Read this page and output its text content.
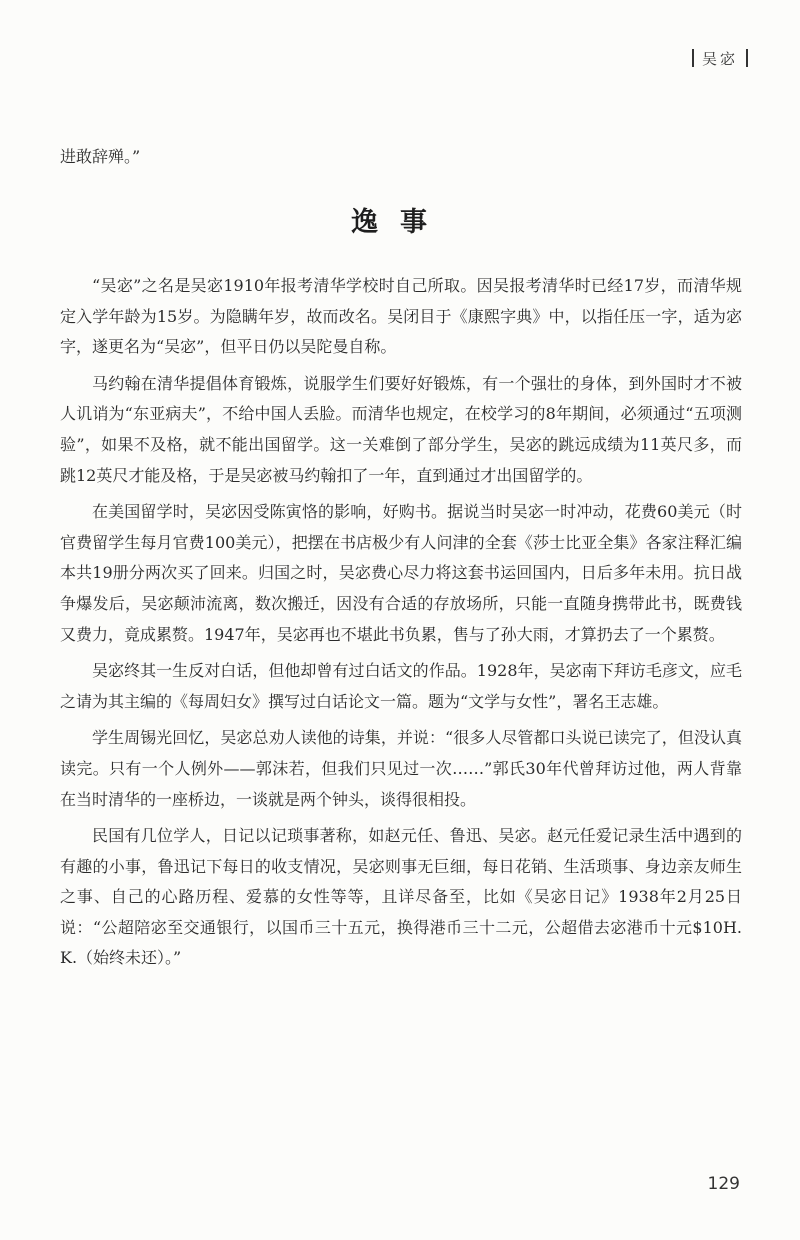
吴宓
进敢辞殚。”
逸事

“吴宓”之名是吴宓1910年报考清华学校时自己所取。因吴报考清华时已经17岁，而清华规定入学年龄为15岁。为隐瞒年岁，故而改名。吴闭目于《康熙字典》中，以指任压一字，适为宓字，遂更名为“吴宓”，但平日仍以吴陀曼自称。

马约翰在清华提倡体育锻炼，说服学生们要好好锻炼，有一个强壮的身体，到外国时才不被人讥诮为“东亚病夫”，不给中国人丢脸。而清华也规定，在校学习的8年期间，必须通过“五项测验”，如果不及格，就不能出国留学。这一关难倒了部分学生，吴宓的跳远成绩为11英尺多，而跳12英尺才能及格，于是吴宓被马约翰扣了一年，直到通过才出国留学的。

在美国留学时，吴宓因受陈寅恪的影响，好购书。据说当时吴宓一时冲动，花费60美元（时官费留学生每月官费100美元），把摆在书店极少有人问津的全套《莎士比亚全集》各家注释汇编本共19册分两次买了回来。归国之时，吴宓费心尽力将这套书运回国内，日后多年未用。抗日战争爆发后，吴宓颠沛流离，数次搬迁，因没有合适的存放场所，只能一直随身携带此书，既费钱又费力，竟成累赘。1947年，吴宓再也不堪此书负累，售与了孙大雨，才算扔去了一个累赘。

吴宓终其一生反对白话，但他却曾有过白话文的作品。1928年，吴宓南下拜访毛彦文，应毛之请为其主编的《每周妇女》撰写过白话论文一篇。题为“文学与女性”，署名王志雄。

学生周锡光回忆，吴宓总劝人读他的诗集，并说：“很多人尽管都口头说已读完了，但没认真读完。只有一个人例外——郭沫若，但我们只见过一次……”郭氏30年代曾拜访过他，两人背靠在当时清华的一座桥边，一谈就是两个钟头，谈得很相投。

民国有几位学人，日记以记琐事著称，如赵元任、鲁迅、吴宓。赵元任爱记录生活中遇到的有趣的小事，鲁迅记下每日的收支情况，吴宓则事无巨细，每日花销、生活琐事、身边亲友师生之事、自己的心路历程、爱慕的女性等等，且详尽备至，比如《吴宓日记》1938年2月25日说：“公超陪宓至交通银行，以国币三十五元，换得港币三十二元，公超借去宓港币十元$10H. K.（始终未还）。”

129
